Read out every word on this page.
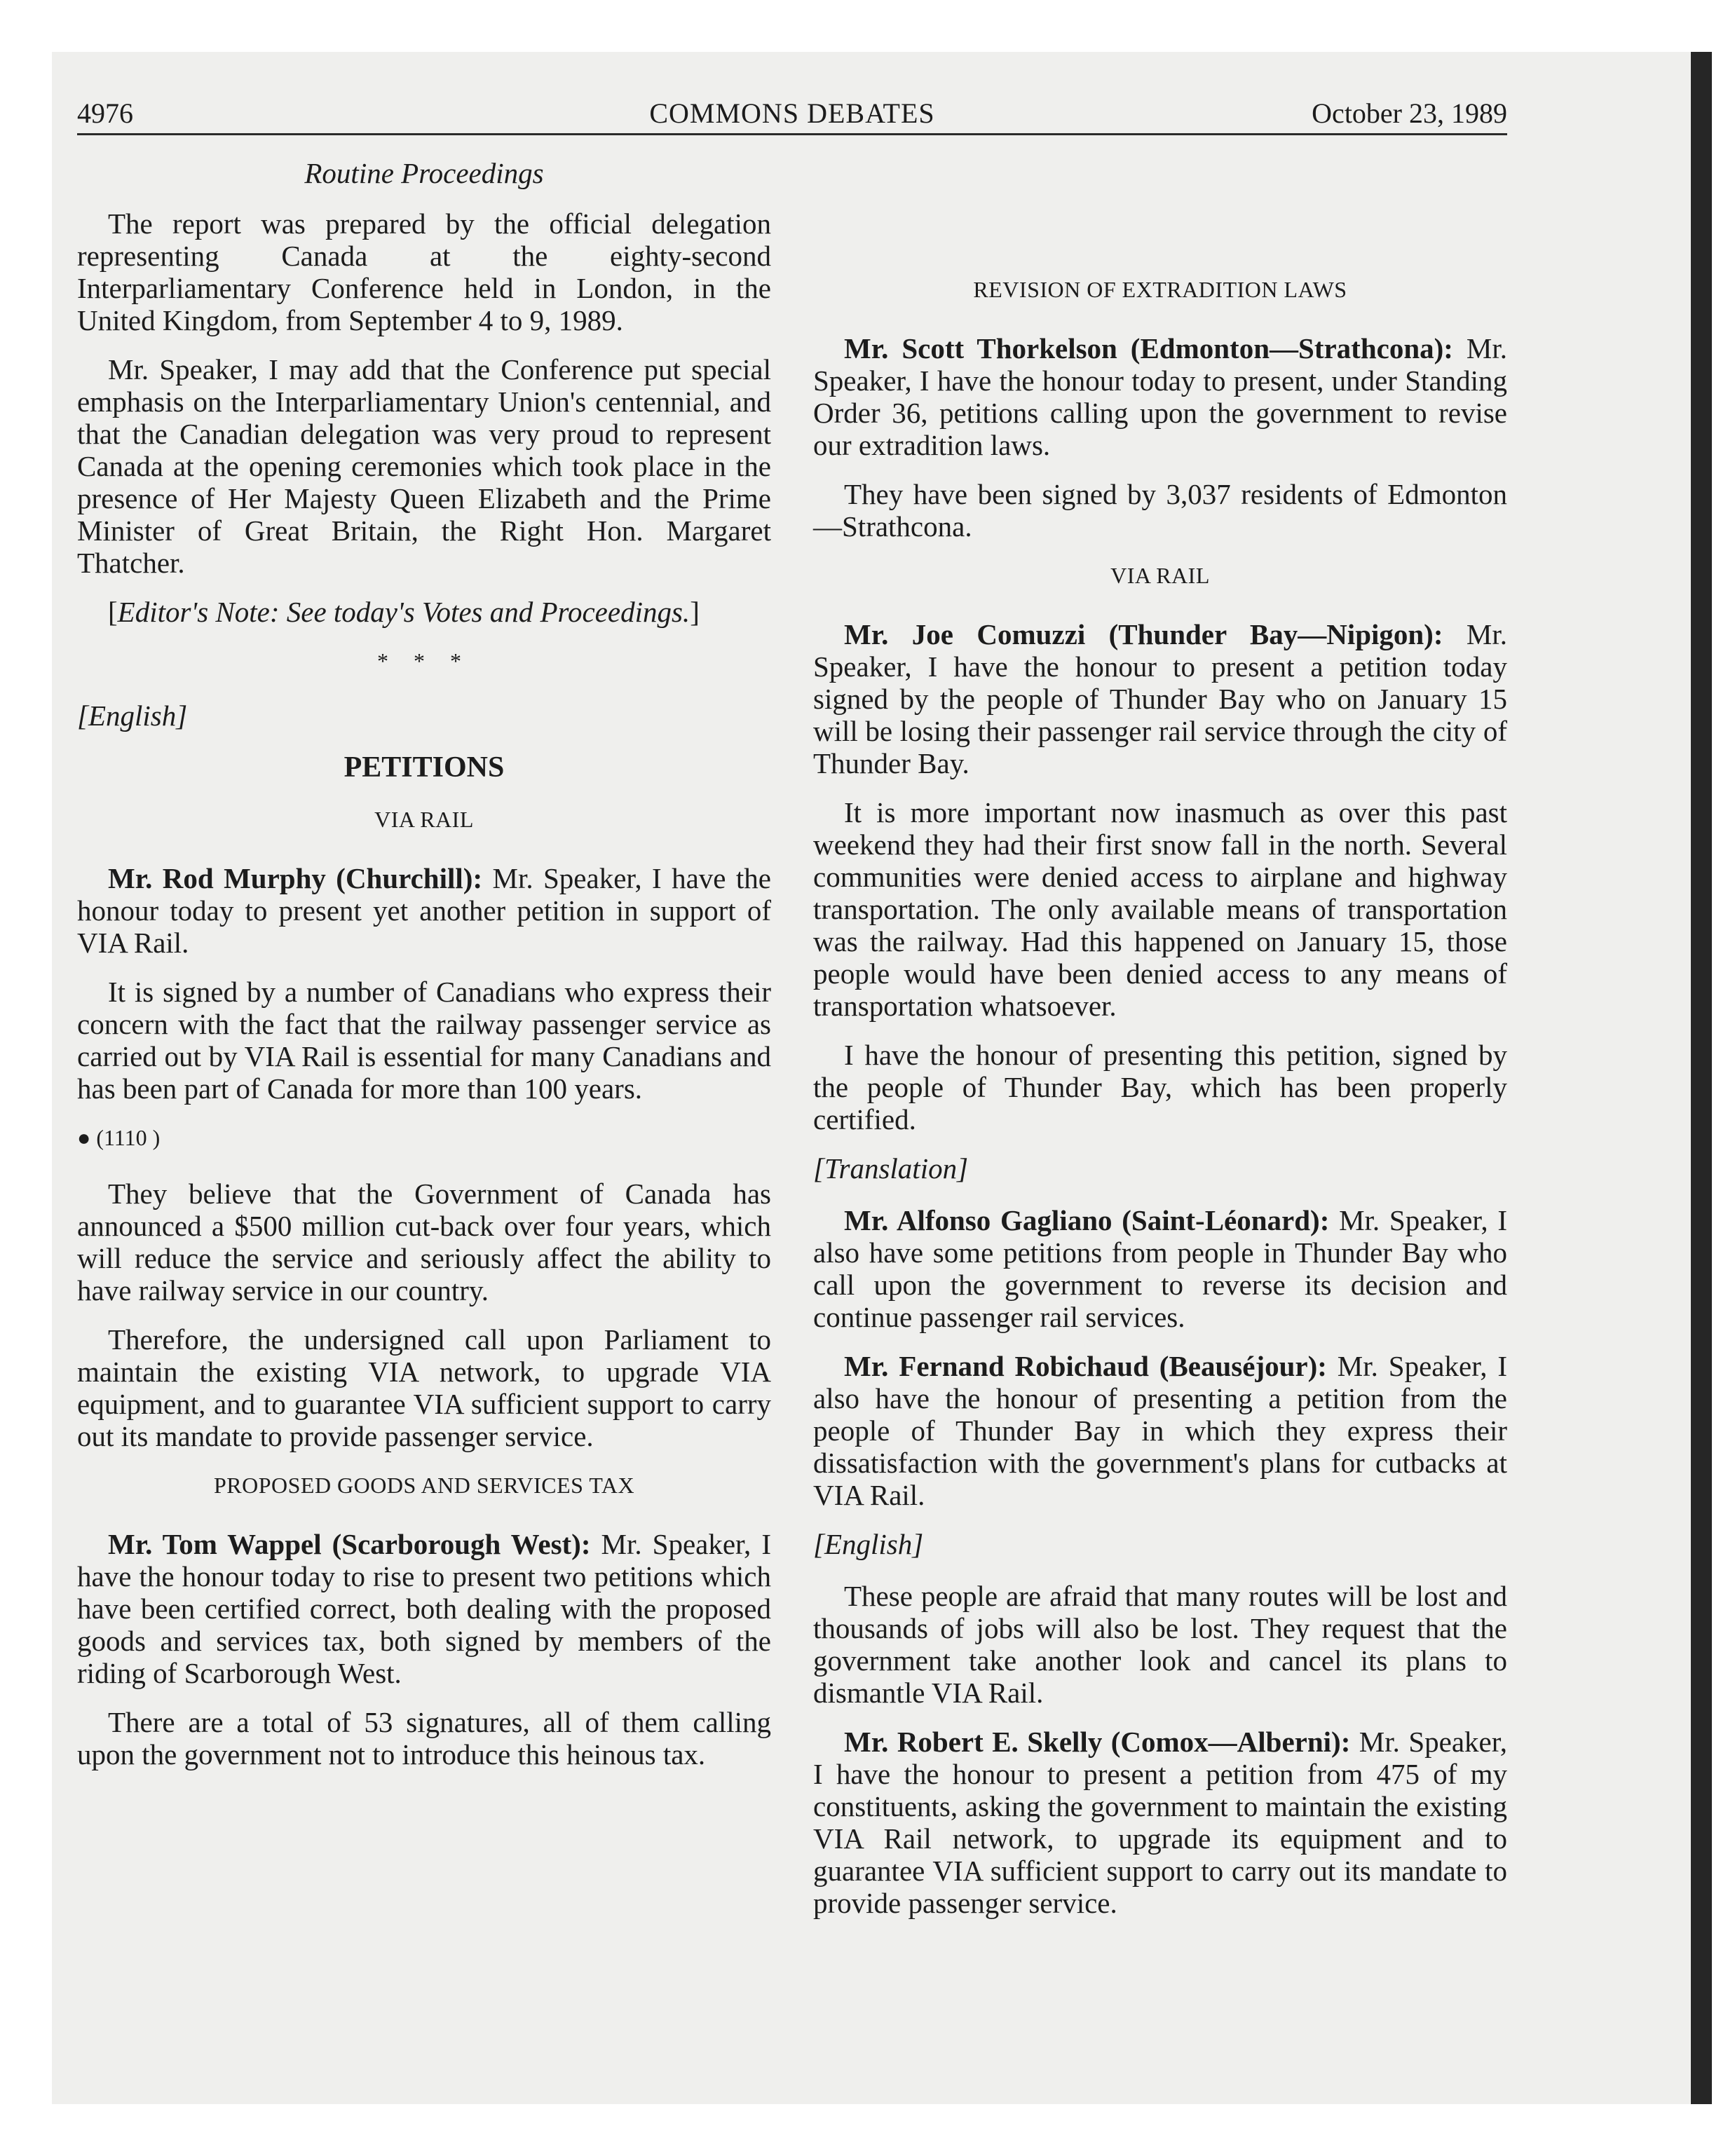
4976	COMMONS DEBATES	October 23, 1989
Routine Proceedings

The report was prepared by the official delegation representing Canada at the eighty-second Interparliamentary Conference held in London, in the United Kingdom, from September 4 to 9, 1989.

Mr. Speaker, I may add that the Conference put special emphasis on the Interparliamentary Union's centennial, and that the Canadian delegation was very proud to represent Canada at the opening ceremonies which took place in the presence of Her Majesty Queen Elizabeth and the Prime Minister of Great Britain, the Right Hon. Margaret Thatcher.

[Editor's Note: See today's Votes and Proceedings.]

* * *
[English]
PETITIONS
VIA RAIL

Mr. Rod Murphy (Churchill): Mr. Speaker, I have the honour today to present yet another petition in support of VIA Rail.

It is signed by a number of Canadians who express their concern with the fact that the railway passenger service as carried out by VIA Rail is essential for many Canadians and has been part of Canada for more than 100 years.

● (1110 )

They believe that the Government of Canada has announced a $500 million cut-back over four years, which will reduce the service and seriously affect the ability to have railway service in our country.

Therefore, the undersigned call upon Parliament to maintain the existing VIA network, to upgrade VIA equipment, and to guarantee VIA sufficient support to carry out its mandate to provide passenger service.

PROPOSED GOODS AND SERVICES TAX

Mr. Tom Wappel (Scarborough West): Mr. Speaker, I have the honour today to rise to present two petitions which have been certified correct, both dealing with the proposed goods and services tax, both signed by members of the riding of Scarborough West.

There are a total of 53 signatures, all of them calling upon the government not to introduce this heinous tax.

REVISION OF EXTRADITION LAWS

Mr. Scott Thorkelson (Edmonton—Strathcona): Mr. Speaker, I have the honour today to present, under Standing Order 36, petitions calling upon the government to revise our extradition laws.

They have been signed by 3,037 residents of Edmonton—Strathcona.

VIA RAIL

Mr. Joe Comuzzi (Thunder Bay—Nipigon): Mr. Speaker, I have the honour to present a petition today signed by the people of Thunder Bay who on January 15 will be losing their passenger rail service through the city of Thunder Bay.

It is more important now inasmuch as over this past weekend they had their first snow fall in the north. Several communities were denied access to airplane and highway transportation. The only available means of transportation was the railway. Had this happened on January 15, those people would have been denied access to any means of transportation whatsoever.

I have the honour of presenting this petition, signed by the people of Thunder Bay, which has been properly certified.

[Translation]

Mr. Alfonso Gagliano (Saint-Léonard): Mr. Speaker, I also have some petitions from people in Thunder Bay who call upon the government to reverse its decision and continue passenger rail services.

Mr. Fernand Robichaud (Beauséjour): Mr. Speaker, I also have the honour of presenting a petition from the people of Thunder Bay in which they express their dissatisfaction with the government's plans for cutbacks at VIA Rail.

[English]

These people are afraid that many routes will be lost and thousands of jobs will also be lost. They request that the government take another look and cancel its plans to dismantle VIA Rail.

Mr. Robert E. Skelly (Comox—Alberni): Mr. Speaker, I have the honour to present a petition from 475 of my constituents, asking the government to maintain the existing VIA Rail network, to upgrade its equipment and to guarantee VIA sufficient support to carry out its mandate to provide passenger service.
